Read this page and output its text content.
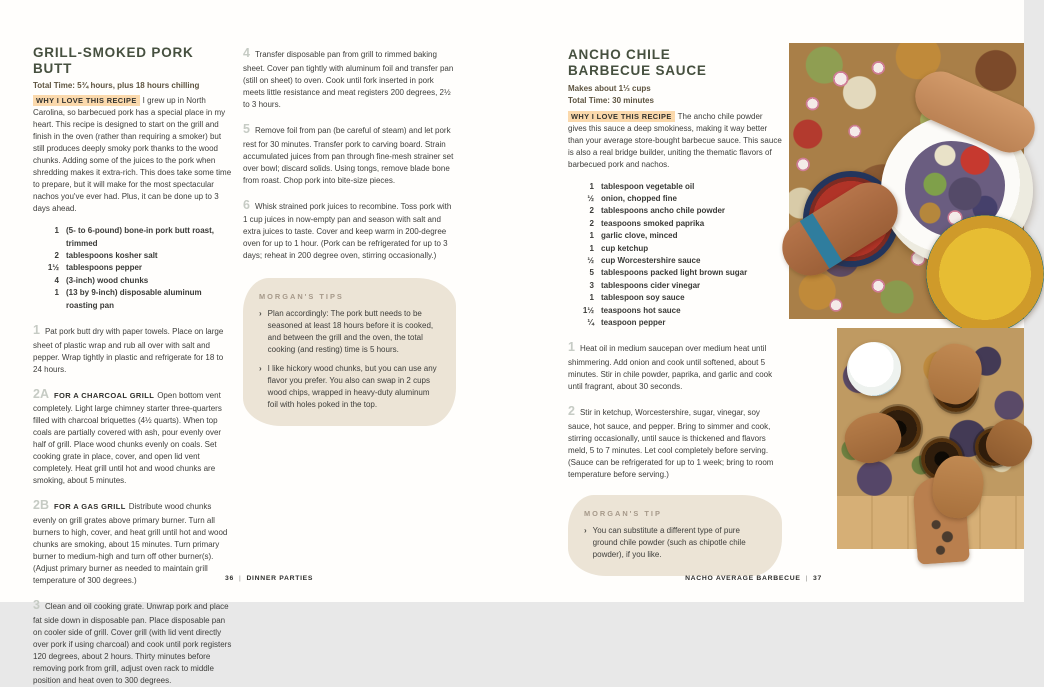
GRILL-SMOKED PORK BUTT
Total Time: 5¾ hours, plus 18 hours chilling

WHY I LOVE THIS RECIPE I grew up in North Carolina, so barbecued pork has a special place in my heart. This recipe is designed to start on the grill and finish in the oven (rather than requiring a smoker) but still produces deeply smoky pork thanks to the wood chunks. Adding some of the juices to the pork when shredding makes it extra-rich. This does take some time to prepare, but it will make for the most spectacular nachos you've ever had. Plus, it can be done up to 3 days ahead.

1 (5- to 6-pound) bone-in pork butt roast, trimmed
2 tablespoons kosher salt
1½ tablespoons pepper
4 (3-inch) wood chunks
1 (13 by 9-inch) disposable aluminum roasting pan

1 Pat pork butt dry with paper towels. Place on large sheet of plastic wrap and rub all over with salt and pepper. Wrap tightly in plastic and refrigerate for 18 to 24 hours.

2A FOR A CHARCOAL GRILL Open bottom vent completely. Light large chimney starter three-quarters filled with charcoal briquettes (4½ quarts). When top coals are partially covered with ash, pour evenly over half of grill. Place wood chunks evenly on coals. Set cooking grate in place, cover, and open lid vent completely. Heat grill until hot and wood chunks are smoking, about 5 minutes.

2B FOR A GAS GRILL Distribute wood chunks evenly on grill grates above primary burner. Turn all burners to high, cover, and heat grill until hot and wood chunks are smoking, about 15 minutes. Turn primary burner to medium-high and turn off other burner(s). (Adjust primary burner as needed to maintain grill temperature of 300 degrees.)

3 Clean and oil cooking grate. Unwrap pork and place fat side down in disposable pan. Place disposable pan on cooler side of grill. Cover grill (with lid vent directly over pork if using charcoal) and cook until pork registers 120 degrees, about 2 hours. Thirty minutes before removing pork from grill, adjust oven rack to middle position and heat oven to 300 degrees.

4 Transfer disposable pan from grill to rimmed baking sheet. Cover pan tightly with aluminum foil and transfer pan (still on sheet) to oven. Cook until fork inserted in pork meets little resistance and meat registers 200 degrees, 2½ to 3 hours.

5 Remove foil from pan (be careful of steam) and let pork rest for 30 minutes. Transfer pork to carving board. Strain accumulated juices from pan through fine-mesh strainer set over bowl; discard solids. Using tongs, remove blade bone from roast. Chop pork into bite-size pieces.

6 Whisk strained pork juices to recombine. Toss pork with 1 cup juices in now-empty pan and season with salt and extra juices to taste. Cover and keep warm in 200-degree oven for up to 1 hour. (Pork can be refrigerated for up to 3 days; reheat in 200 degree oven, stirring occasionally.)

MORGAN'S TIPS
› Plan accordingly: The pork butt needs to be seasoned at least 18 hours before it is cooked, and between the grill and the oven, the total cooking (and resting) time is 5 hours.
› I like hickory wood chunks, but you can use any flavor you prefer. You also can swap in 2 cups wood chips, wrapped in heavy-duty aluminum foil with holes poked in the top.
ANCHO CHILE
BARBECUE SAUCE
Makes about 1⅓ cups
Total Time: 30 minutes

WHY I LOVE THIS RECIPE The ancho chile powder gives this sauce a deep smokiness, making it way better than your average store-bought barbecue sauce. This sauce is also a real bridge builder, uniting the thematic flavors of barbecued pork and nachos.

1 tablespoon vegetable oil
½ onion, chopped fine
2 tablespoons ancho chile powder
2 teaspoons smoked paprika
1 garlic clove, minced
1 cup ketchup
½ cup Worcestershire sauce
5 tablespoons packed light brown sugar
3 tablespoons cider vinegar
1 tablespoon soy sauce
1½ teaspoons hot sauce
¼ teaspoon pepper

1 Heat oil in medium saucepan over medium heat until shimmering. Add onion and cook until softened, about 5 minutes. Stir in chile powder, paprika, and garlic and cook until fragrant, about 30 seconds.

2 Stir in ketchup, Worcestershire, sugar, vinegar, soy sauce, hot sauce, and pepper. Bring to simmer and cook, stirring occasionally, until sauce is thickened and flavors meld, 5 to 7 minutes. Let cool completely before serving. (Sauce can be refrigerated for up to 1 week; bring to room temperature before serving.)

MORGAN'S TIP
› You can substitute a different type of pure ground chile powder (such as chipotle chile powder), if you like.
36 | DINNER PARTIES	NACHO AVERAGE BARBECUE | 37
